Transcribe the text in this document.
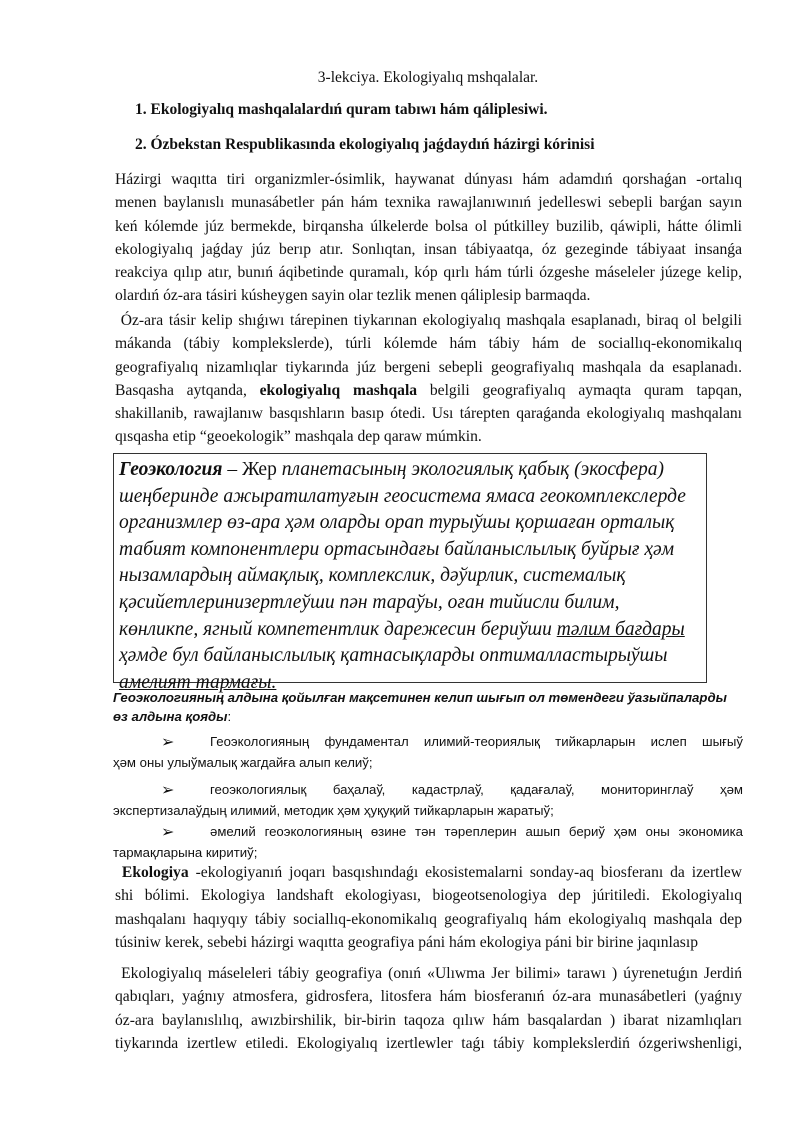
3-lekciya. Ekologiyalıq mshqalalar.
1. Ekologiyalıq mashqalalardıń quram tabıwı hám qáliplesiwi.
2. Ózbekstan Respublikasında ekologiyalıq jaǵdaydıń házirgi kórinisi
Házirgi waqıtta tiri organizmler-ósimlik, haywanat dúnyası hám adamdıń qorshaǵan -ortalıq
menen baylanıslı munasábetler pán hám texnika rawajlanıwınıń jedelleswi sebepli barǵan sayın
keń kólemde júz bermekde, birqansha úlkelerde bolsa ol pútkilley buzilib, qáwipli, hátte ólimli
ekologiyalıq jaǵday júz berıp atır. Sonlıqtan, insan tábiyaatqa, óz gezeginde tábiyaat insanǵa
reakciya qılıp atır, bunıń áqibetinde quramalı, kóp qırlı hám túrli ózgeshe máseleler júzege kelip,
olardıń óz-ara tásiri kúsheygen sayin olar tezlik menen qáliplesip barmaqda.
Óz-ara tásir kelip shıǵıwı tárepinen tiykarınan ekologiyalıq mashqala esaplanadı, biraq ol belgili
mákanda (tábiy komplekslerde), túrli kólemde hám tábiy hám de sociallıq-ekonomikalıq
geografiyalıq nizamlıqlar tiykarında júz bergeni sebepli geografiyalıq mashqala da esaplanadı.
Basqasha aytqanda, ekologiyalıq mashqala belgili geografiyalıq aymaqta quram tapqan,
shakillanib, rawajlanıw basqıshların basıp ótedi. Usı tárepten qaraǵanda ekologiyalıq mashqalanı
qısqasha etip “geoekologik” mashqala dep qaraw múmkin.
Геоэкология – Жер планетасының экологиялық қабық (экосфера)
шеңберинде ажыратилатуғын геосистема ямаса геокомплекслерде
организмлер өз-ара ҳәм оларды орап турыўшы қоршаған орталық
табият компонентлери ортасындағы байланыслылық буйрығ ҳәм
нызамлардың аймақлық, комплекслик, дәўирлик, системалық
қәсийетлеринизертлеўши пән тараўы, оған тийисли билим,
көнликпе, ягный компетентлик дарежесин бериўши тәлим бағдары
ҳәмде бул байланыслылық қатнасықларды оптималластырыўшы
амелият тармағы.
Геоэкологияның алдына қойылған мақсетинен келип шығып ол төмендеги ўазыйпаларды
өз алдына қояды:
➢	Геоэкологияның фундаментал илимий-теориялық тийкарларын ислеп шығыў
ҳәм оны улыўмалық жагдайға алып келиў;
➢	геоэкологиялық баҳалаў, кадастрлаў, қадағалаў, мониторинглаў ҳәм
экспертизалаўдың илимий, методик ҳәм ҳуқуқий тийкарларын жаратыў;
➢	әмелий геоэкологияның өзине тән тәреплерин ашып бериў ҳәм оны экономика
тармақларына киритиў;
Ekologiya -ekologiyanıń joqarı basqıshındaǵı ekosistemalarni sonday-aq biosferanı da izertlew
shi bólimi. Ekologiya landshaft ekologiyası, biogeotsenologiya dep júritiledi. Ekologiyalıq
mashqalanı haqıyqıy tábiy sociallıq-ekonomikalıq geografiyalıq hám ekologiyalıq mashqala dep
túsiniw kerek, sebebi házirgi waqıtta geografiya páni hám ekologiya páni bir birine jaqınlasıp
Ekologiyalıq máseleleri tábiy geografiya (onıń «Ulıwma Jer bilimi» tarawı ) úyrenetuǵın Jerdiń
qabıqları, yaǵnıy atmosfera, gidrosfera, litosfera hám biosferanıń óz-ara munasábetleri (yaǵnıy
óz-ara baylanıslılıq, awızbirshilik, bir-birin taqoza qılıw hám basqalardan ) ibarat nizamlıqları
tiykarında izertlew etiledi. Ekologiyalıq izertlewler taǵı tábiy komplekslerdiń ózgeriwshenligi,
